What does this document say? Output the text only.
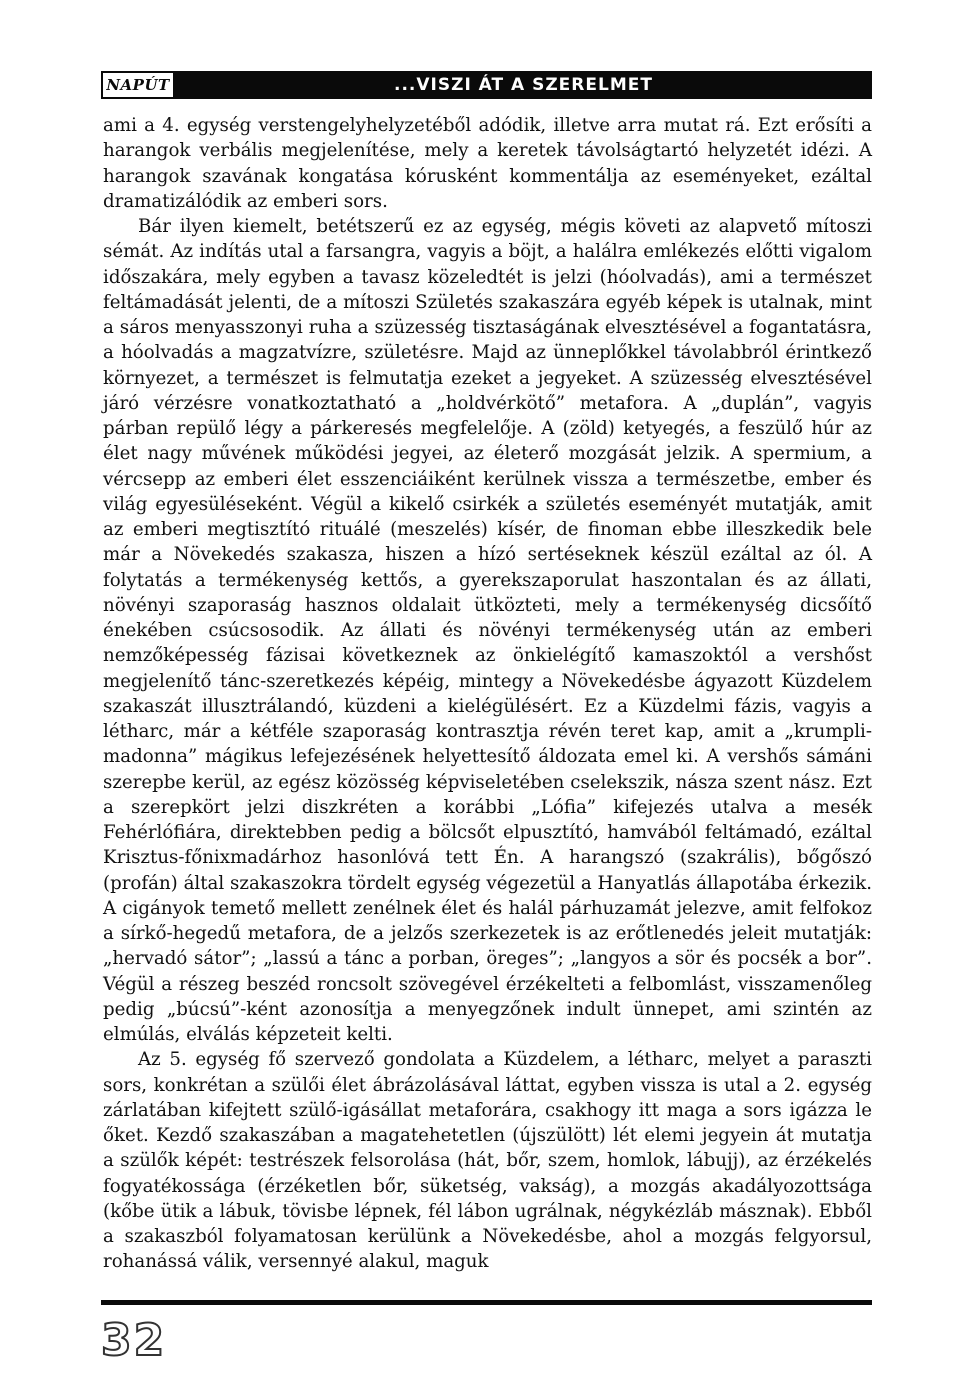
NAPÚT	...VISZI ÁT A SZERELMET

ami a 4. egység verstengelyhelyzetéből adódik, illetve arra mutat rá. Ezt erősíti a harangok verbális megjelenítése, mely a keretek távolságtartó helyzetét idézi. A harangok szavának kongatása kórusként kommentálja az eseményeket, ezáltal dramatizálódik az emberi sors.

Bár ilyen kiemelt, betétszerű ez az egység, mégis követi az alapvető mítoszi sémát. Az indítás utal a farsangra, vagyis a böjt, a halálra emlékezés előtti vigalom időszakára, mely egyben a tavasz közeledtét is jelzi (hóolvadás), ami a természet feltámadását jelenti, de a mítoszi Születés szakaszára egyéb képek is utalnak, mint a sáros menyasszonyi ruha a szüzesség tisztaságának elvesztésével a fogantatásra, a hóolvadás a magzatvízre, születésre. Majd az ünneplőkkel távolabbról érintkező környezet, a természet is felmutatja ezeket a jegyeket. A szüzesség elvesztésével járó vérzésre vonatkoztatható a „holdvérkötő” metafora. A „duplán”, vagyis párban repülő légy a párkeresés megfelelője. A (zöld) ketyegés, a feszülő húr az élet nagy művének működési jegyei, az életerő mozgását jelzik. A spermium, a vércsepp az emberi élet esszenciáiként kerülnek vissza a természetbe, ember és világ egyesüléseként. Végül a kikelő csirkék a születés eseményét mutatják, amit az emberi megtisztító rituálé (meszelés) kísér, de finoman ebbe illeszkedik bele már a Növekedés szakasza, hiszen a hízó sertéseknek készül ezáltal az ól. A folytatás a termékenység kettős, a gyerekszaporulat haszontalan és az állati, növényi szaporaság hasznos oldalait ütközteti, mely a termékenység dicsőítő énekében csúcsosodik. Az állati és növényi termékenység után az emberi nemzőképesség fázisai következnek az önkielégítő kamaszoktól a vershőst megjelenítő tánc-szeretkezés képéig, mintegy a Növekedésbe ágyazott Küzdelem szakaszát illusztrálandó, küzdeni a kielégülésért. Ez a Küzdelmi fázis, vagyis a létharc, már a kétféle szaporaság kontrasztja révén teret kap, amit a „krumpli-madonna” mágikus lefejezésének helyettesítő áldozata emel ki. A vershős sámáni szerepbe kerül, az egész közösség képviseletében cselekszik, násza szent nász. Ezt a szerepkört jelzi diszkréten a korábbi „Lófia” kifejezés utalva a mesék Fehérlófiára, direktebben pedig a bölcsőt elpusztító, hamvából feltámadó, ezáltal Krisztus-főnixmadárhoz hasonlóvá tett Én. A harangszó (szakrális), bőgőszó (profán) által szakaszokra tördelt egység végezetül a Hanyatlás állapotába érkezik. A cigányok temető mellett zenélnek élet és halál párhuzamát jelezve, amit felfokoz a sírkő-hegedű metafora, de a jelzős szerkezetek is az erőtlenedés jeleit mutatják: „hervadó sátor”; „lassú a tánc a porban, öreges”; „langyos a sör és pocsék a bor”. Végül a részeg beszéd roncsolt szövegével érzékelteti a felbomlást, visszamenőleg pedig „búcsú”-ként azonosítja a menyegzőnek indult ünnepet, ami szintén az elmúlás, elválás képzeteit kelti.

Az 5. egység fő szervező gondolata a Küzdelem, a létharc, melyet a paraszti sors, konkrétan a szülői élet ábrázolásával láttat, egyben vissza is utal a 2. egység zárlatában kifejtett szülő-igásállat metaforára, csakhogy itt maga a sors igázza le őket. Kezdő szakaszában a magatehetetlen (újszülött) lét elemi jegyein át mutatja a szülők képét: testrészek felsorolása (hát, bőr, szem, homlok, lábujj), az érzékelés fogyatékossága (érzéketlen bőr, süketség, vakság), a mozgás akadályozottsága (kőbe ütik a lábuk, tövisbe lépnek, fél lábon ugrálnak, négykézláb másznak). Ebből a szakaszból folyamatosan kerülünk a Növekedésbe, ahol a mozgás felgyorsul, rohanássá válik, versennyé alakul, maguk

32
